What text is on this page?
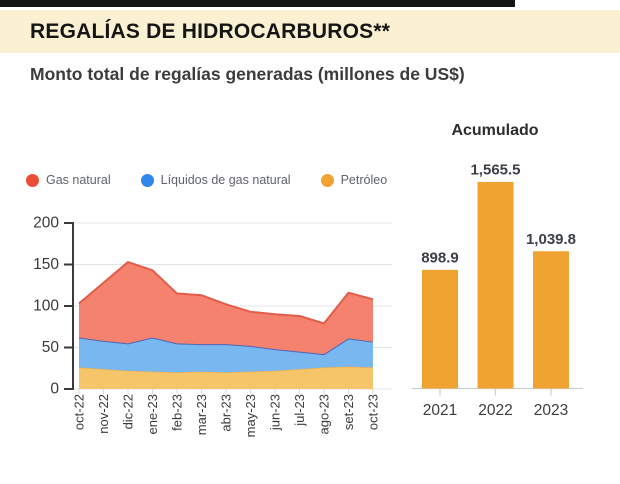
REGALÍAS DE HIDROCARBUROS**
Monto total de regalías generadas (millones de US$)
Acumulado
Gas natural	Líquidos de gas natural	Petróleo
0
50
100
150
200
oct-22 nov-22 dic-22 ene-23 feb-23 mar-23 abr-23 may-23 jun-23 jul-23 ago-23 set-23 oct-23
898.9
2021
1,565.5
2022
1,039.8
2023
